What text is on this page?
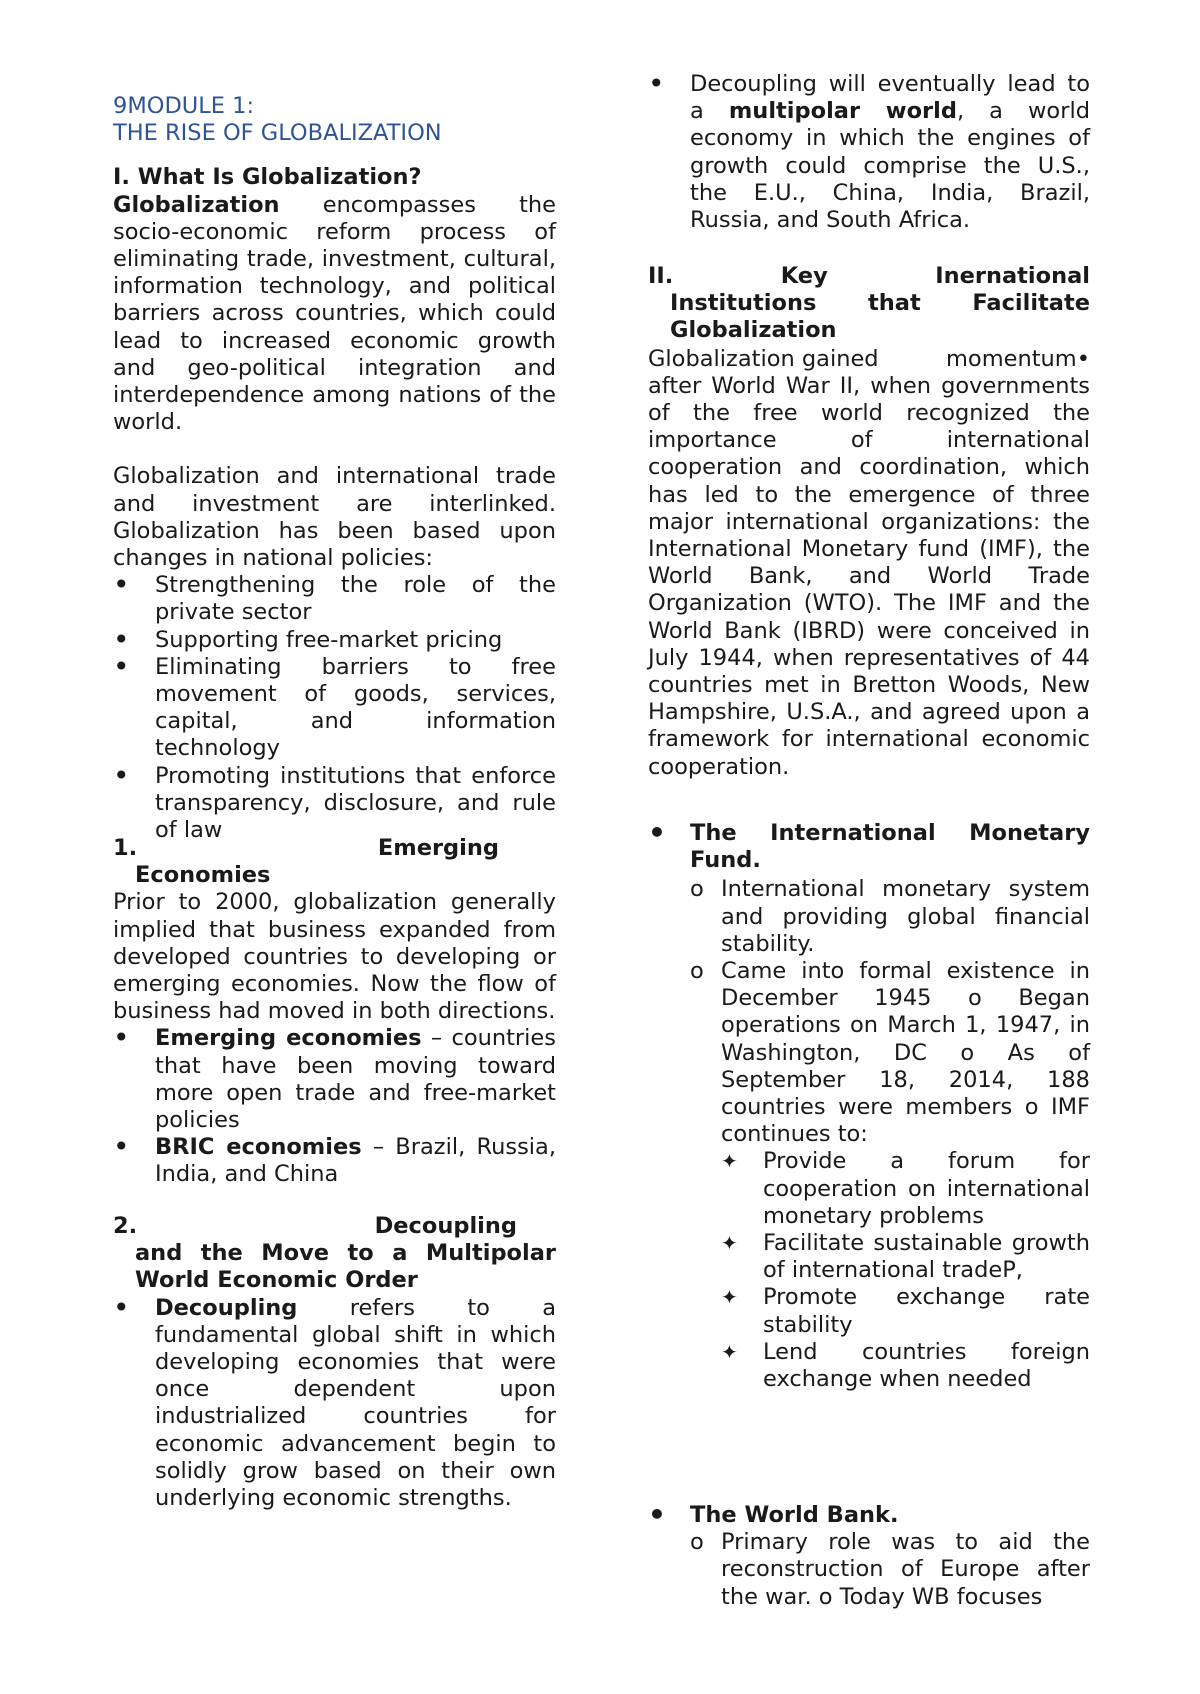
9MODULE 1:
THE RISE OF GLOBALIZATION
I. What Is Globalization?

Globalization encompasses the socio-economic reform process of eliminating trade, investment, cultural, information technology, and political barriers across countries, which could lead to increased economic growth and geo-political integration and interdependence among nations of the world.

Globalization and international trade and investment are interlinked. Globalization has been based upon changes in national policies:

• Strengthening the role of the private sector
• Supporting free-market pricing
• Eliminating barriers to free movement of goods, services, capital, and information technology
• Promoting institutions that enforce transparency, disclosure, and rule of law
1.	Emerging
Economies

Prior to 2000, globalization generally implied that business expanded from developed countries to developing or emerging economies. Now the flow of business had moved in both directions.

• Emerging economies – countries that have been moving toward more open trade and free-market policies
• BRIC economies – Brazil, Russia, India, and China
2.	Decoupling
and the Move to a Multipolar World Economic Order
• Decoupling refers to a fundamental global shift in which developing economies that were once dependent upon industrialized countries for economic advancement begin to solidly grow based on their own underlying economic strengths.
• Decoupling will eventually lead to a multipolar world, a world economy in which the engines of growth could comprise the U.S., the E.U., China, India, Brazil, Russia, and South Africa.
II.	Key	Inernational
Institutions that Facilitate Globalization
Globalization gained	momentum•

after World War II, when governments of the free world recognized the importance of international cooperation and coordination, which has led to the emergence of three major international organizations: the International Monetary fund (IMF), the World Bank, and World Trade Organization (WTO). The IMF and the World Bank (IBRD) were conceived in July 1944, when representatives of 44 countries met in Bretton Woods, New Hampshire, U.S.A., and agreed upon a framework for international economic cooperation.

• The International Monetary Fund.
o International monetary system and providing global financial stability.
o Came into formal existence in December 1945 o Began operations on March 1, 1947, in Washington, DC o As of September 18, 2014, 188 countries were members o IMF continues to:
✦ Provide a forum for cooperation on international monetary problems
✦ Facilitate sustainable growth of international tradeP,
✦ Promote exchange rate stability
✦ Lend countries foreign exchange when needed
• The World Bank.
o Primary role was to aid the reconstruction of Europe after the war. o Today WB focuses
